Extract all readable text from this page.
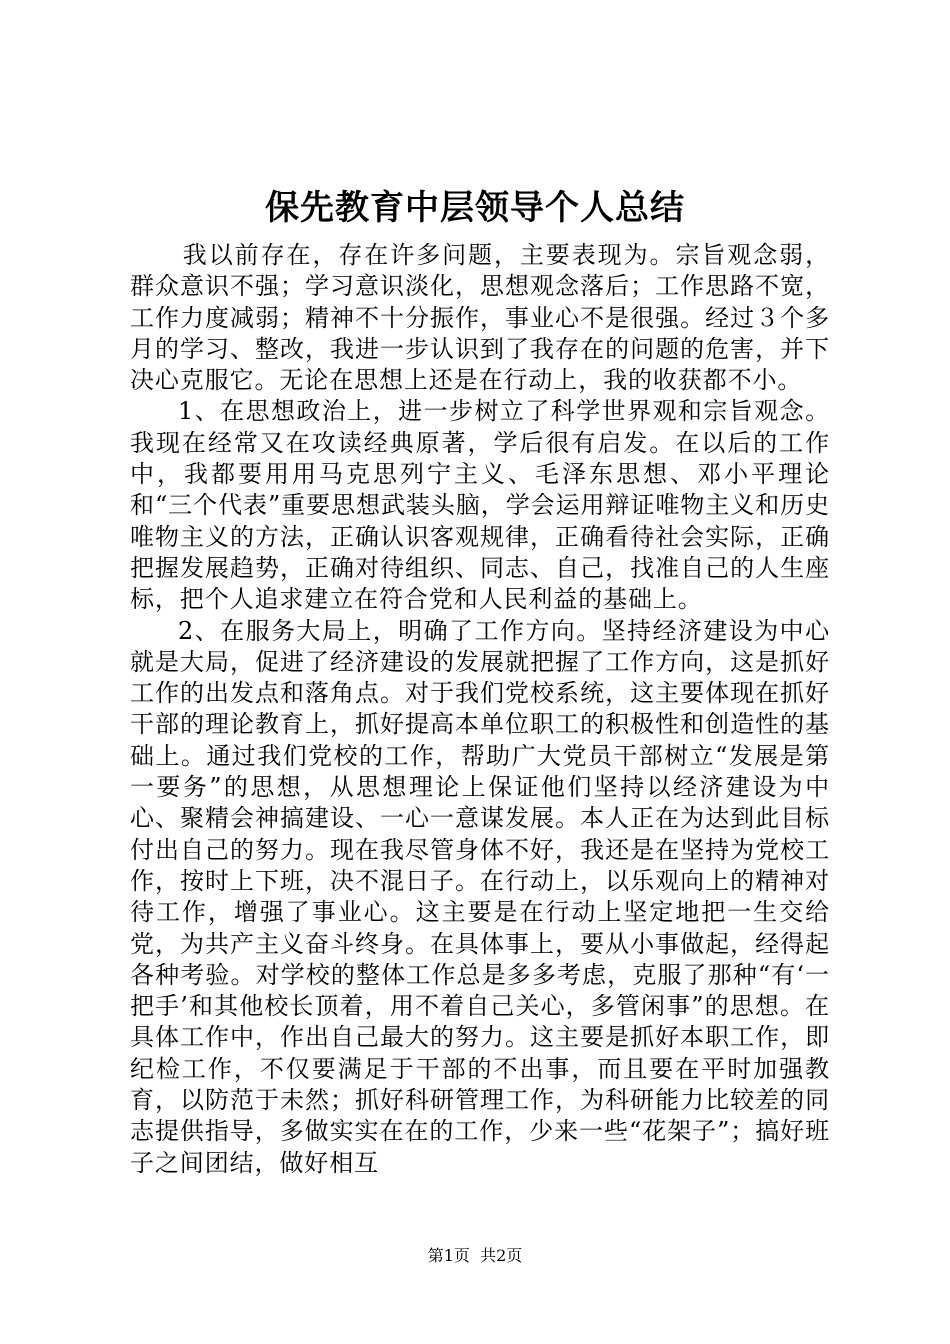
保先教育中层领导个人总结

我以前存在，存在许多问题，主要表现为。宗旨观念弱，群众意识不强；学习意识淡化，思想观念落后；工作思路不宽，工作力度减弱；精神不十分振作，事业心不是很强。经过３个多月的学习、整改，我进一步认识到了我存在的问题的危害，并下决心克服它。无论在思想上还是在行动上，我的收获都不小。

1、在思想政治上，进一步树立了科学世界观和宗旨观念。我现在经常又在攻读经典原著，学后很有启发。在以后的工作中，我都要用用马克思列宁主义、毛泽东思想、邓小平理论和“三个代表”重要思想武装头脑，学会运用辩证唯物主义和历史唯物主义的方法，正确认识客观规律，正确看待社会实际，正确把握发展趋势，正确对待组织、同志、自己，找准自己的人生座标，把个人追求建立在符合党和人民利益的基础上。

2、在服务大局上，明确了工作方向。坚持经济建设为中心就是大局，促进了经济建设的发展就把握了工作方向，这是抓好工作的出发点和落角点。对于我们党校系统，这主要体现在抓好干部的理论教育上，抓好提高本单位职工的积极性和创造性的基础上。通过我们党校的工作，帮助广大党员干部树立“发展是第一要务”的思想，从思想理论上保证他们坚持以经济建设为中心、聚精会神搞建设、一心一意谋发展。本人正在为达到此目标付出自己的努力。现在我尽管身体不好，我还是在坚持为党校工作，按时上下班，决不混日子。在行动上，以乐观向上的精神对待工作，增强了事业心。这主要是在行动上坚定地把一生交给党，为共产主义奋斗终身。在具体事上，要从小事做起，经得起各种考验。对学校的整体工作总是多多考虑，克服了那种“有‘一把手’和其他校长顶着，用不着自己关心，多管闲事”的思想。在具体工作中，作出自己最大的努力。这主要是抓好本职工作，即纪检工作，不仅要满足于干部的不出事，而且要在平时加强教育，以防范于未然；抓好科研管理工作，为科研能力比较差的同志提供指导，多做实实在在的工作，少来一些“花架子”；搞好班子之间团结，做好相互

第1页  共2页
